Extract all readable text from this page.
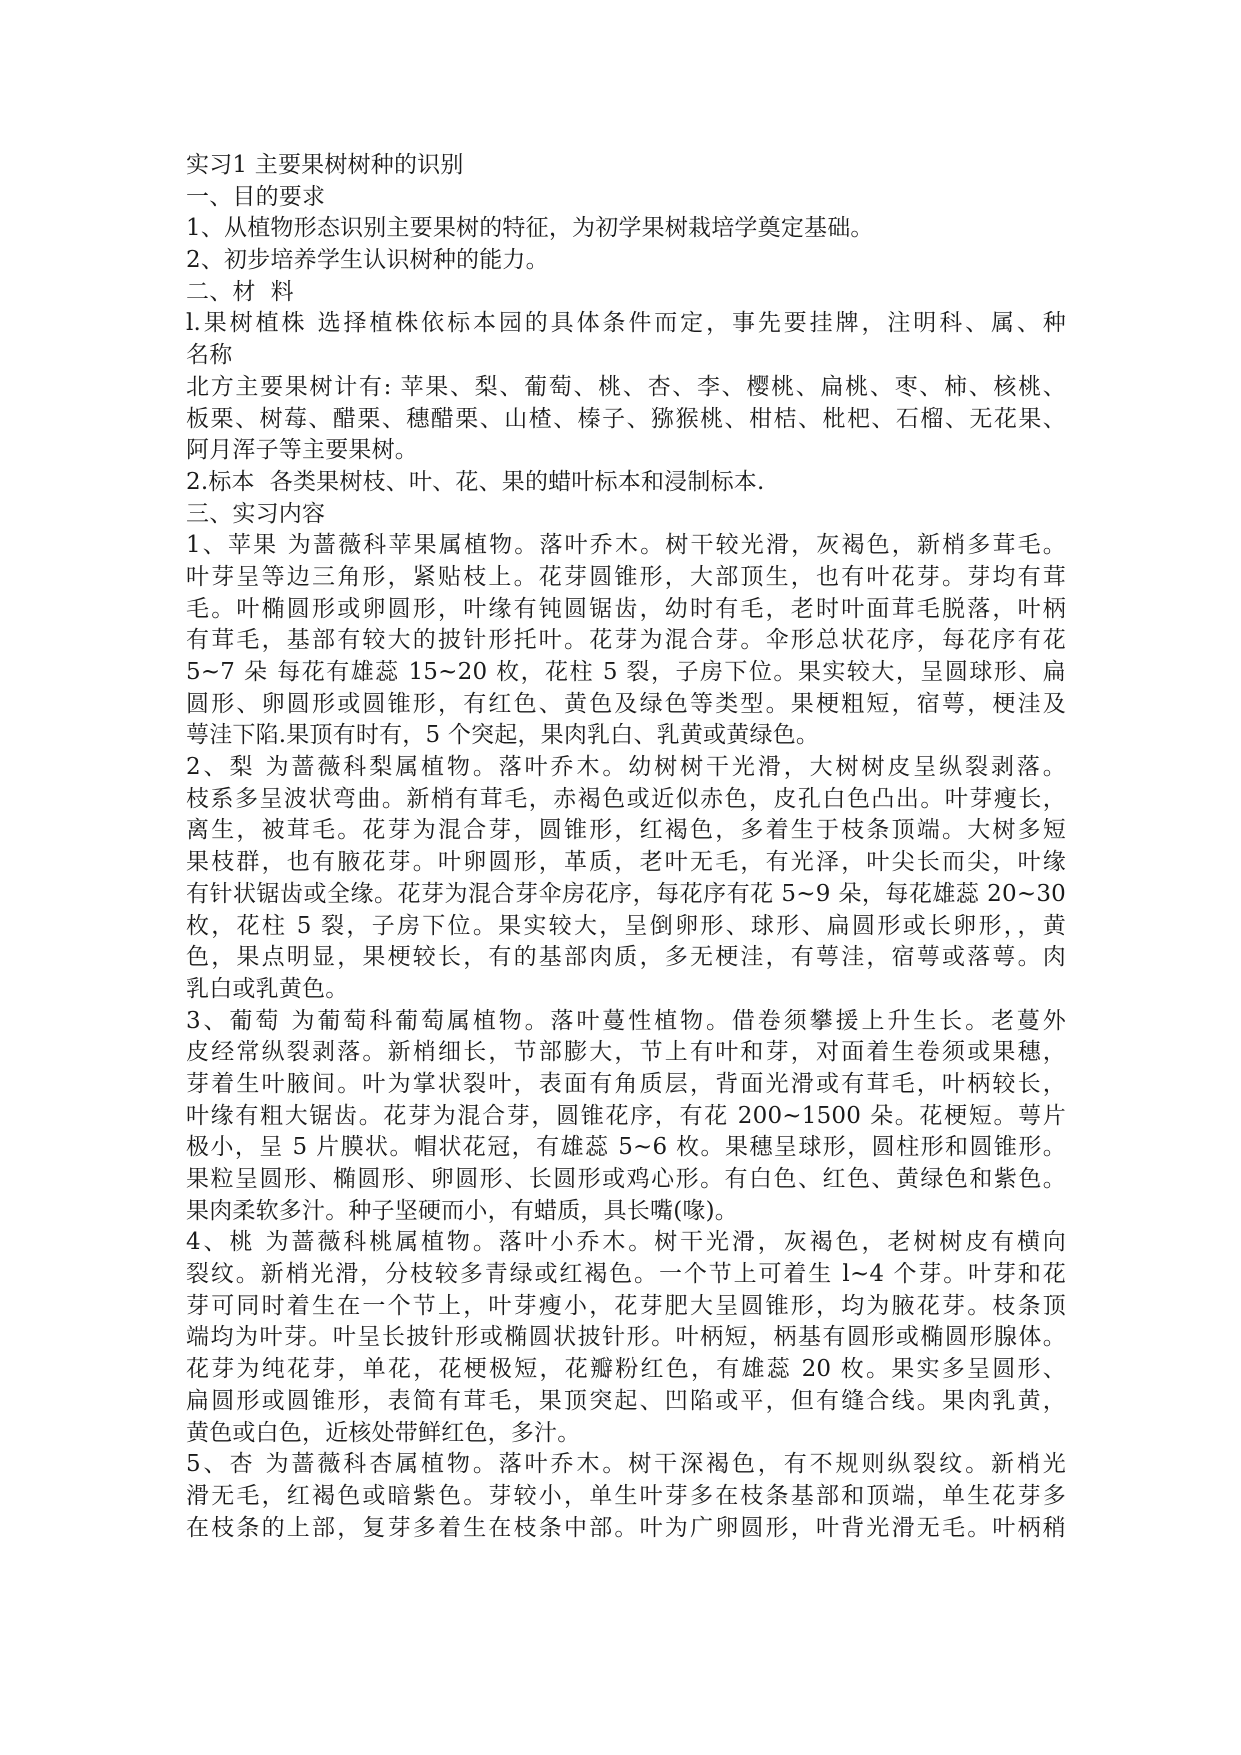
实习1 主要果树树种的识别
一、目的要求
1、从植物形态识别主要果树的特征，为初学果树栽培学奠定基础。
2、初步培养学生认识树种的能力。
二、材  料
l.果树植株 选择植株依标本园的具体条件而定，事先要挂牌，注明科、属、种
名称
北方主要果树计有: 苹果、梨、葡萄、桃、杏、李、樱桃、扁桃、枣、柿、核桃、
板栗、树莓、醋栗、穗醋栗、山楂、榛子、猕猴桃、柑桔、枇杷、石榴、无花果、
阿月浑子等主要果树。
2.标本  各类果树枝、叶、花、果的蜡叶标本和浸制标本.
三、实习内容
1、苹果 为蔷薇科苹果属植物。落叶乔木。树干较光滑，灰褐色，新梢多茸毛。
叶芽呈等边三角形，紧贴枝上。花芽圆锥形，大部顶生，也有叶花芽。芽均有茸
毛。叶椭圆形或卵圆形，叶缘有钝圆锯齿，幼时有毛，老时叶面茸毛脱落，叶柄
有茸毛，基部有较大的披针形托叶。花芽为混合芽。伞形总状花序，每花序有花
5~7 朵 每花有雄蕊 15~20 枚，花柱 5 裂，子房下位。果实较大，呈圆球形、扁
圆形、卵圆形或圆锥形，有红色、黄色及绿色等类型。果梗粗短，宿萼，梗洼及
萼洼下陷.果顶有时有，5 个突起，果肉乳白、乳黄或黄绿色。
2、梨 为蔷薇科梨属植物。落叶乔木。幼树树干光滑，大树树皮呈纵裂剥落。
枝系多呈波状弯曲。新梢有茸毛，赤褐色或近似赤色，皮孔白色凸出。叶芽瘦长，
离生，被茸毛。花芽为混合芽，圆锥形，红褐色，多着生于枝条顶端。大树多短
果枝群，也有腋花芽。叶卵圆形，革质，老叶无毛，有光泽，叶尖长而尖，叶缘
有针状锯齿或全缘。花芽为混合芽伞房花序，每花序有花 5~9 朵，每花雄蕊 20~30
枚，花柱 5 裂，子房下位。果实较大，呈倒卵形、球形、扁圆形或长卵形，，黄
色，果点明显，果梗较长，有的基部肉质，多无梗洼，有萼洼，宿萼或落萼。肉
乳白或乳黄色。
3、葡萄 为葡萄科葡萄属植物。落叶蔓性植物。借卷须攀援上升生长。老蔓外
皮经常纵裂剥落。新梢细长，节部膨大，节上有叶和芽，对面着生卷须或果穗，
芽着生叶腋间。叶为掌状裂叶，表面有角质层，背面光滑或有茸毛，叶柄较长，
叶缘有粗大锯齿。花芽为混合芽，圆锥花序，有花 200~1500 朵。花梗短。萼片
极小，呈 5 片膜状。帽状花冠，有雄蕊 5~6 枚。果穗呈球形，圆柱形和圆锥形。
果粒呈圆形、椭圆形、卵圆形、长圆形或鸡心形。有白色、红色、黄绿色和紫色。
果肉柔软多汁。种子坚硬而小，有蜡质，具长嘴(喙)。
4、桃 为蔷薇科桃属植物。落叶小乔木。树干光滑，灰褐色，老树树皮有横向
裂纹。新梢光滑，分枝较多青绿或红褐色。一个节上可着生 l~4 个芽。叶芽和花
芽可同时着生在一个节上，叶芽瘦小，花芽肥大呈圆锥形，均为腋花芽。枝条顶
端均为叶芽。叶呈长披针形或椭圆状披针形。叶柄短，柄基有圆形或椭圆形腺体。
花芽为纯花芽，单花，花梗极短，花瓣粉红色，有雄蕊 20 枚。果实多呈圆形、
扁圆形或圆锥形，表简有茸毛，果顶突起、凹陷或平，但有缝合线。果肉乳黄，
黄色或白色，近核处带鲜红色，多汁。
5、杏 为蔷薇科杏属植物。落叶乔木。树干深褐色，有不规则纵裂纹。新梢光
滑无毛，红褐色或暗紫色。芽较小，单生叶芽多在枝条基部和顶端，单生花芽多
在枝条的上部，复芽多着生在枝条中部。叶为广卵圆形，叶背光滑无毛。叶柄稍
